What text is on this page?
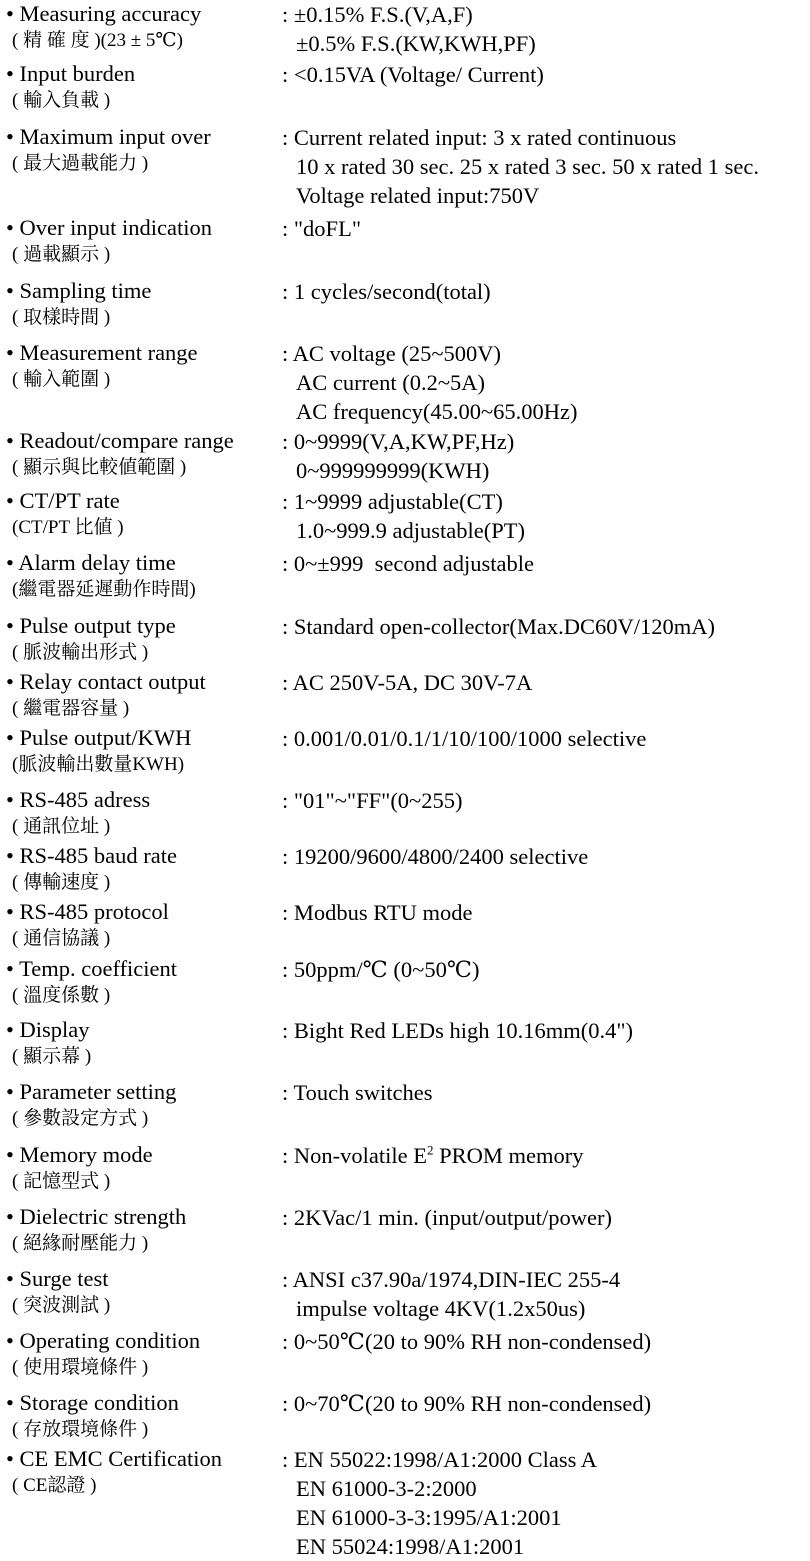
• Measuring accuracy
( 精 確 度 )(23 ± 5℃)
: ±0.15% F.S.(V,A,F)
±0.5% F.S.(KW,KWH,PF)
• Input burden
( 輸入負載 )
: <0.15VA (Voltage/ Current)
• Maximum input over
( 最大過載能力 )
: Current related input: 3 x rated continuous
10 x rated 30 sec. 25 x rated 3 sec. 50 x rated 1 sec.
Voltage related input:750V
• Over input indication
( 過載顯示 )
: "doFL"
• Sampling time
( 取樣時間 )
: 1 cycles/second(total)
• Measurement range
( 輸入範圍 )
: AC voltage (25~500V)
AC current (0.2~5A)
AC frequency(45.00~65.00Hz)
• Readout/compare range
( 顯示與比較値範圍 )
: 0~9999(V,A,KW,PF,Hz)
0~999999999(KWH)
• CT/PT rate
(CT/PT 比値 )
: 1~9999 adjustable(CT)
1.0~999.9 adjustable(PT)
• Alarm delay time
(繼電器延遲動作時間)
: 0~±999  second adjustable
• Pulse output type
( 脈波輸出形式 )
: Standard open-collector(Max.DC60V/120mA)
• Relay contact output
( 繼電器容量 )
: AC 250V-5A, DC 30V-7A
• Pulse output/KWH
(脈波輸出數量KWH)
: 0.001/0.01/0.1/1/10/100/1000 selective
• RS-485 adress
( 通訊位址 )
: "01"~"FF"(0~255)
• RS-485 baud rate
( 傳輸速度 )
: 19200/9600/4800/2400 selective
• RS-485 protocol
( 通信協議 )
: Modbus RTU mode
• Temp. coefficient
( 溫度係數 )
: 50ppm/℃ (0~50℃)
• Display
( 顯示幕 )
: Bight Red LEDs high 10.16mm(0.4")
• Parameter setting
( 參數設定方式 )
: Touch switches
• Memory mode
( 記憶型式 )
: Non-volatile $E^2$ PROM memory
• Dielectric strength
( 絕緣耐壓能力 )
: 2KVac/1 min. (input/output/power)
• Surge test
( 突波測試 )
: ANSI c37.90a/1974,DIN-IEC 255-4
impulse voltage 4KV(1.2x50us)
• Operating condition
( 使用環境條件 )
: 0~50℃(20 to 90% RH non-condensed)
• Storage condition
( 存放環境條件 )
: 0~70℃(20 to 90% RH non-condensed)
• CE EMC Certification
( CE認證 )
: EN 55022:1998/A1:2000 Class A
EN 61000-3-2:2000
EN 61000-3-3:1995/A1:2001
EN 55024:1998/A1:2001
